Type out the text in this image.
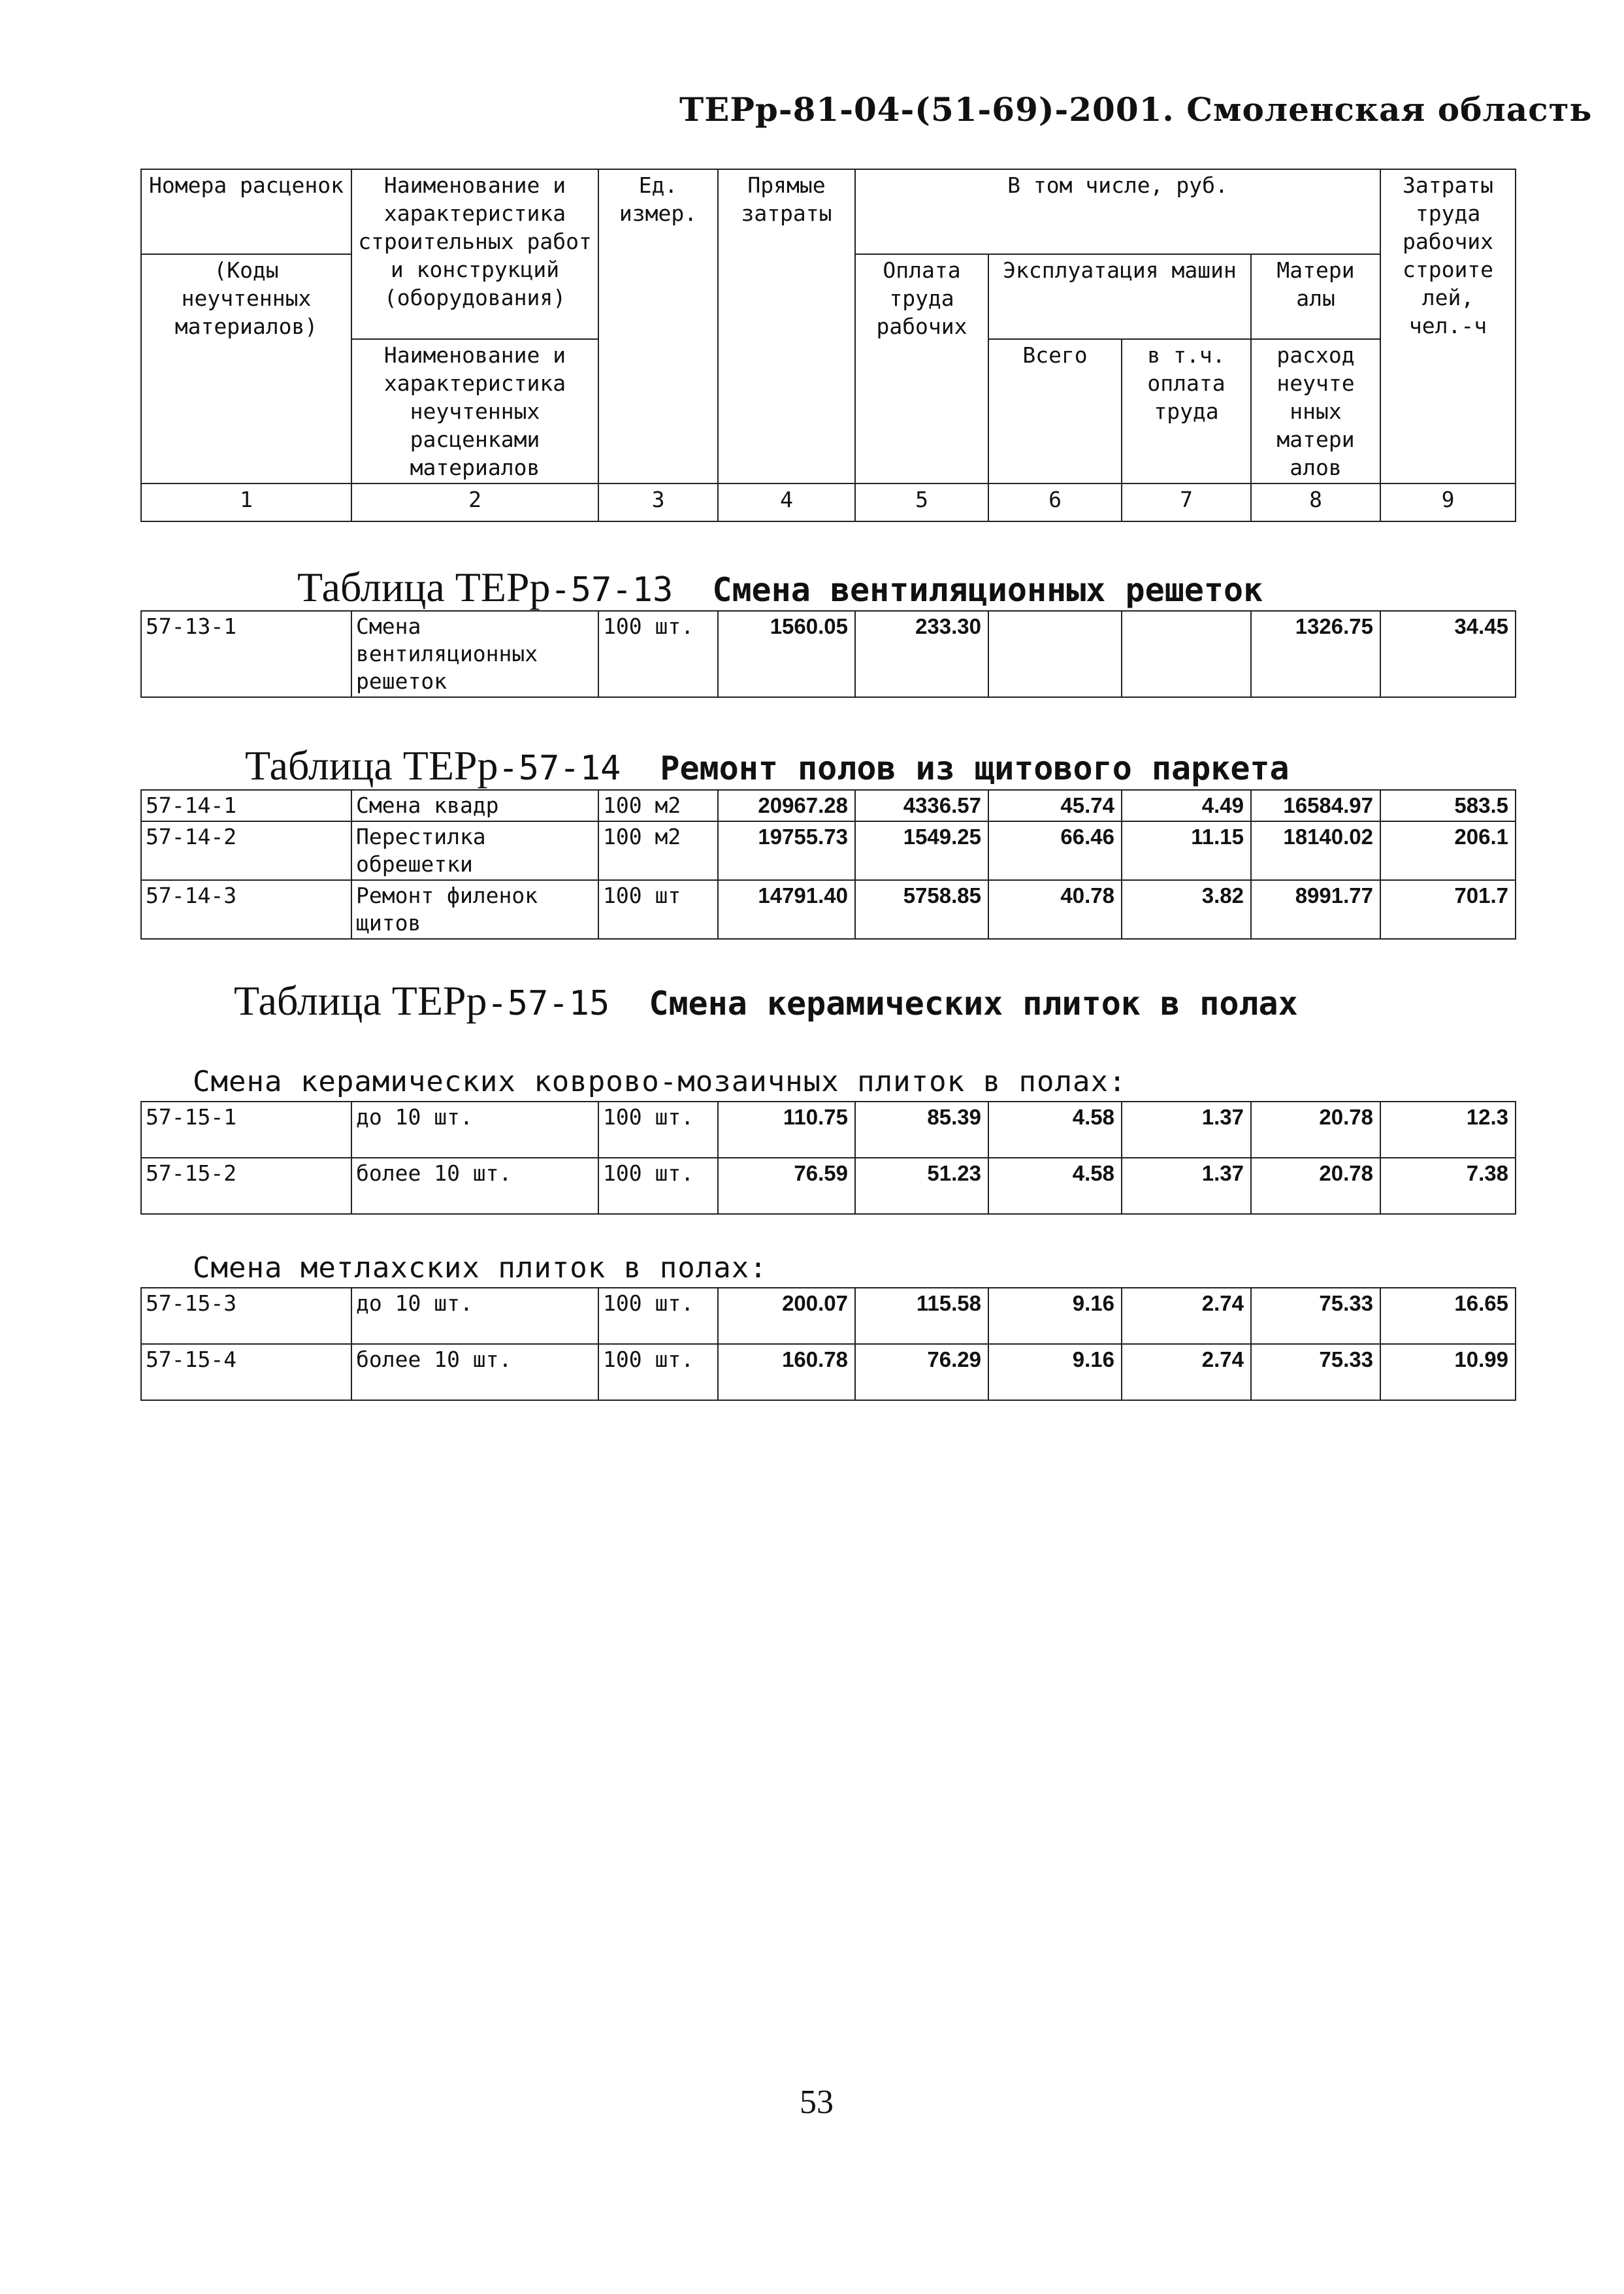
ТЕРр-81-04-(51-69)-2001. Смоленская область
Номера расценок	Наименование и характеристика строительных работ и конструкций (оборудования)	Ед. измер.	Прямые затраты	В том числе, руб.				Затраты труда рабочих строите лей, чел.-ч
(Коды неучтенных материалов)				Оплата труда рабочих	Эксплуатация машин		Матери алы	
	Наименование и характеристика неучтенных расценками материалов				Всего	в т.ч. оплата труда	расход неучте нных матери алов	
1	2	3	4	5	6	7	8	9
Таблица ТЕРр-57-13 Смена вентиляционных решеток
57-13-1	Смена вентиляционных решеток	100 шт.	1560.05	233.30			1326.75	34.45
Таблица ТЕРр-57-14 Ремонт полов из щитового паркета
57-14-1	Смена квадр	100 м2	20967.28	4336.57	45.74	4.49	16584.97	583.5
57-14-2	Перестилка обрешетки	100 м2	19755.73	1549.25	66.46	11.15	18140.02	206.1
57-14-3	Ремонт филенок щитов	100 шт	14791.40	5758.85	40.78	3.82	8991.77	701.7
Таблица ТЕРр-57-15 Смена керамических плиток в полах
Смена керамических коврово-мозаичных плиток в полах:
57-15-1	до 10 шт.	100 шт.	110.75	85.39	4.58	1.37	20.78	12.3
57-15-2	более 10 шт.	100 шт.	76.59	51.23	4.58	1.37	20.78	7.38
Смена метлахских плиток в полах:
57-15-3	до 10 шт.	100 шт.	200.07	115.58	9.16	2.74	75.33	16.65
57-15-4	более 10 шт.	100 шт.	160.78	76.29	9.16	2.74	75.33	10.99
53
